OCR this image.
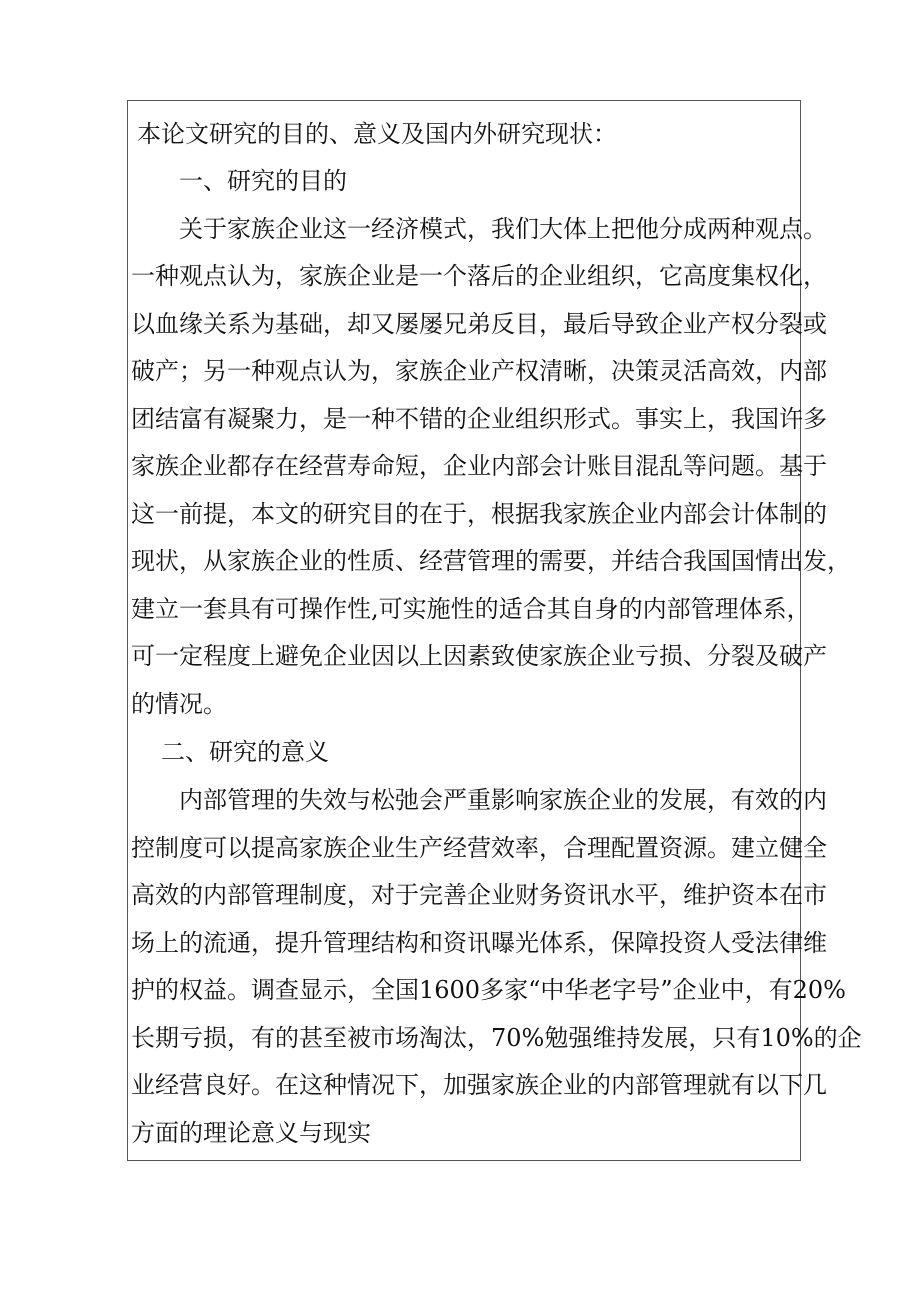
本论文研究的目的、意义及国内外研究现状：
一、研究的目的
关于家族企业这一经济模式，我们大体上把他分成两种观点。
一种观点认为，家族企业是一个落后的企业组织，它高度集权化，
以血缘关系为基础，却又屡屡兄弟反目，最后导致企业产权分裂或
破产；另一种观点认为，家族企业产权清晰，决策灵活高效，内部
团结富有凝聚力，是一种不错的企业组织形式。事实上，我国许多
家族企业都存在经营寿命短，企业内部会计账目混乱等问题。基于
这一前提，本文的研究目的在于，根据我家族企业内部会计体制的
现状，从家族企业的性质、经营管理的需要，并结合我国国情出发，
建立一套具有可操作性,可实施性的适合其自身的内部管理体系，
可一定程度上避免企业因以上因素致使家族企业亏损、分裂及破产
的情况。
二、研究的意义
内部管理的失效与松弛会严重影响家族企业的发展，有效的内
控制度可以提高家族企业生产经营效率，合理配置资源。建立健全
高效的内部管理制度，对于完善企业财务资讯水平，维护资本在市
场上的流通，提升管理结构和资讯曝光体系，保障投资人受法律维
护的权益。调查显示，全国1600多家“中华老字号”企业中，有20%
长期亏损，有的甚至被市场淘汰，70%勉强维持发展，只有10%的企
业经营良好。在这种情况下，加强家族企业的内部管理就有以下几
方面的理论意义与现实
